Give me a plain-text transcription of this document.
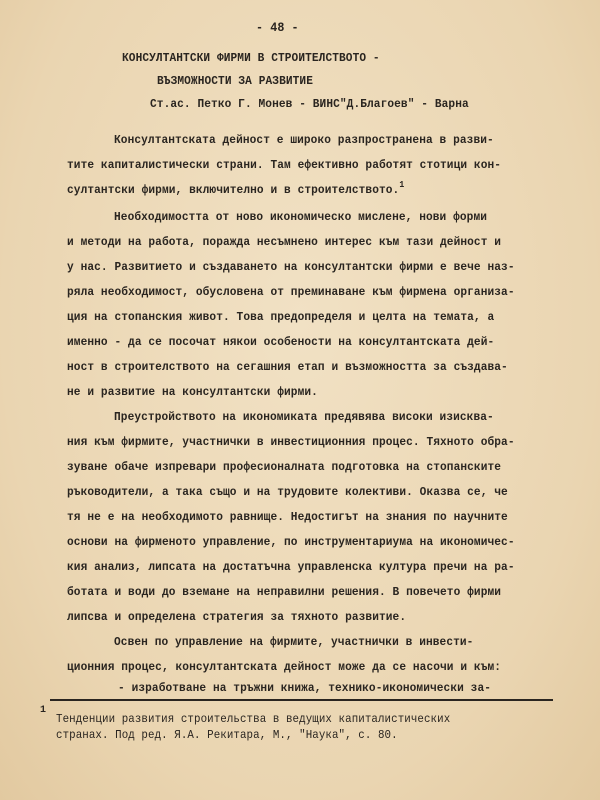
- 48 -
КОНСУЛТАНТСКИ ФИРМИ В СТРОИТЕЛСТВОТО -
ВЪЗМОЖНОСТИ ЗА РАЗВИТИЕ
Ст.ас. Петко Г. Монев - ВИНС"Д.Благоев" - Варна
Консултантската дейност е широко разпространена в разви-
тите капиталистически страни. Там ефективно работят стотици кон-
султантски фирми, включително и в строителството.$^1$
Необходимостта от ново икономическо мислене, нови форми
и методи на работа, поражда несъмнено интерес към тази дейност и
у нас. Развитието и създаването на консултантски фирми е вече наз-
ряла необходимост, обусловена от преминаване към фирмена организа-
ция на стопанския живот. Това предопределя и целта на темата, а
именно - да се посочат някои особености на консултантската дей-
ност в строителството на сегашния етап и възможността за създава-
не и развитие на консултантски фирми.
Преустройството на икономиката предявява високи изисква-
ния към фирмите, участнички в инвестиционния процес. Тяхното обра-
зуване обаче изпревари професионалната подготовка на стопанските
ръководители, а така също и на трудовите колективи. Оказва се, че
тя не е на необходимото равнище. Недостигът на знания по научните
основи на фирменото управление, по инструментариума на икономичес-
кия анализ, липсата на достатъчна управленска култура пречи на ра-
ботата и води до вземане на неправилни решения. В повечето фирми
липсва и определена стратегия за тяхното развитие.
Освен по управление на фирмите, участнички в инвести-
ционния процес, консултантската дейност може да се насочи и към:
- изработване на тръжни книжа, технико-икономически за-
1
Тенденции развития строительства в ведущих капиталистических
странах. Под ред. Я.А. Рекитара, М., "Наука", с. 80.
